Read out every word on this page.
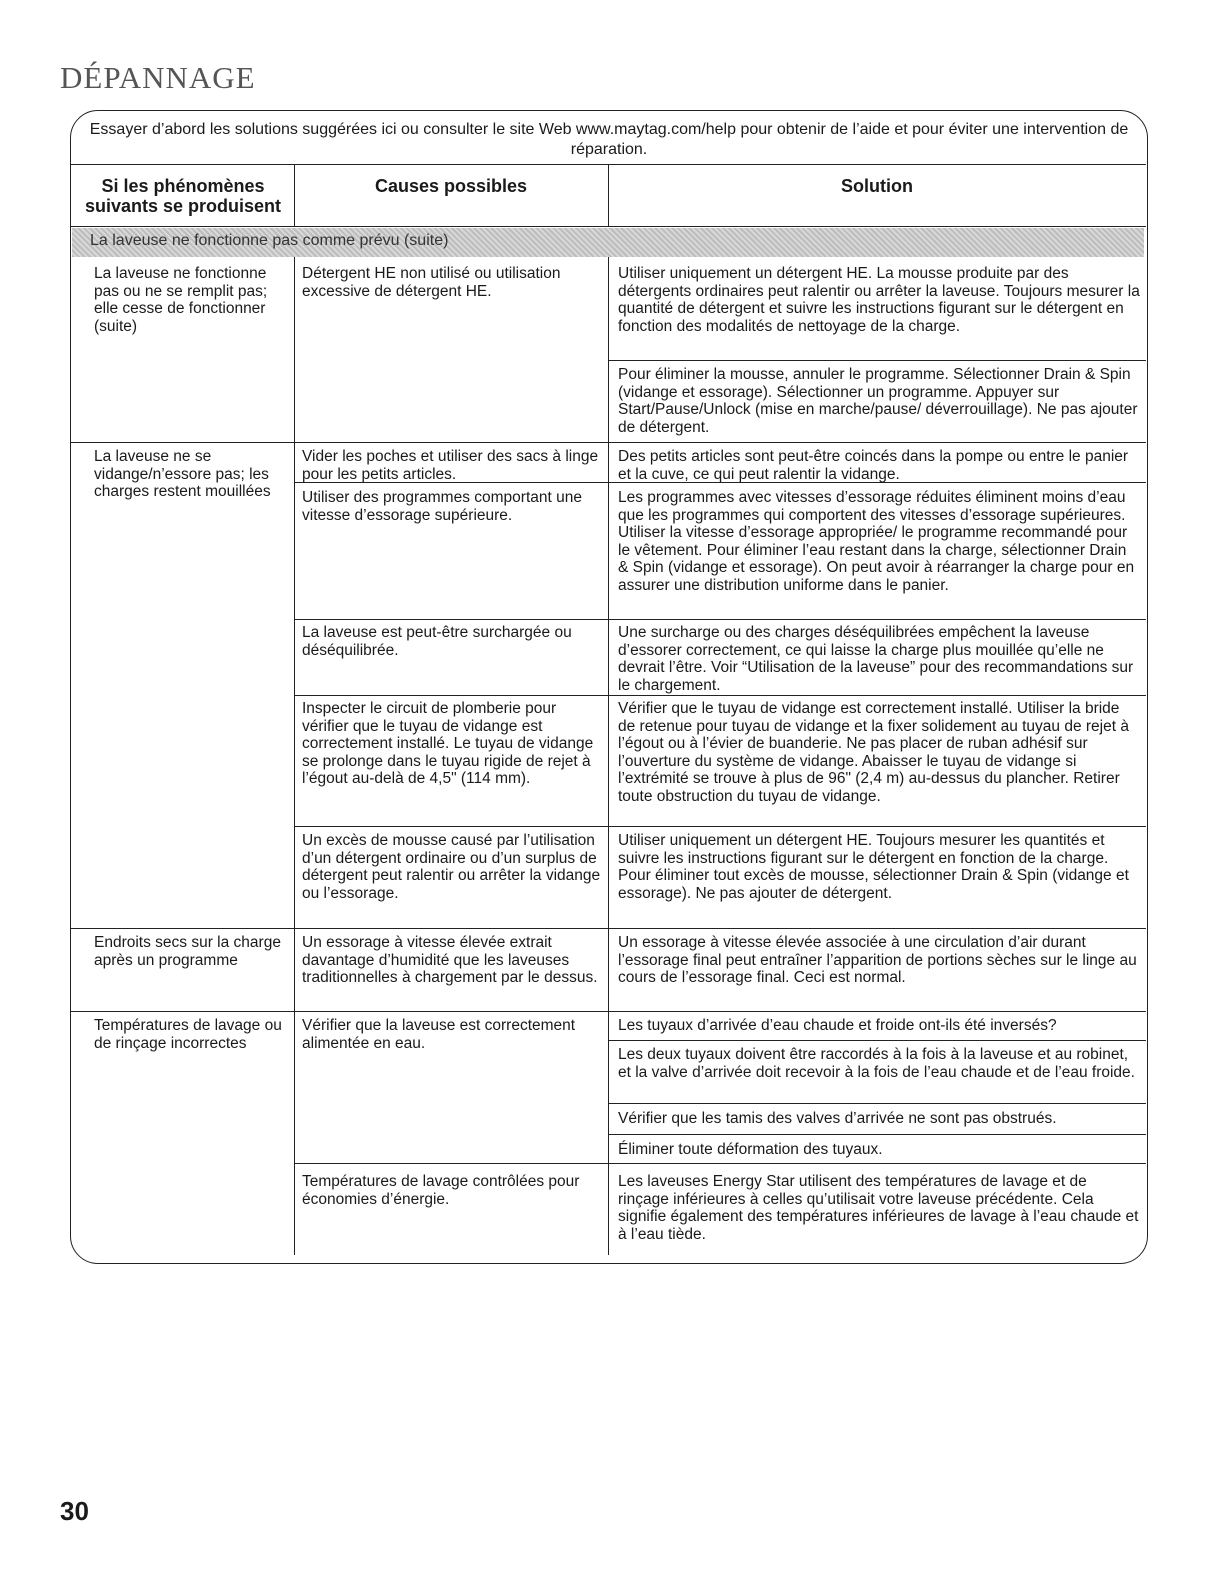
DÉPANNAGE
Essayer d’abord les solutions suggérées ici ou consulter le site Web www.maytag.com/help pour obtenir de l’aide et pour éviter une intervention de réparation.
Si les phénomènes suivants se produisent
Causes possibles	Solution
La laveuse ne fonctionne pas comme prévu (suite)
La laveuse ne fonctionne pas ou ne se remplit pas; elle cesse de fonctionner (suite)
La laveuse ne se vidange/n’essore pas; les charges restent mouillées
Endroits secs sur la charge après un programme
Températures de lavage ou de rinçage incorrectes
Détergent HE non utilisé ou utilisation excessive de détergent HE.
Vider les poches et utiliser des sacs à linge pour les petits articles.
Utiliser des programmes comportant une vitesse d’essorage supérieure.
La laveuse est peut-être surchargée ou déséquilibrée.
Inspecter le circuit de plomberie pour vérifier que le tuyau de vidange est correctement installé. Le tuyau de vidange se prolonge dans le tuyau rigide de rejet à l’égout au-delà de 4,5" (114 mm).
Un excès de mousse causé par l’utilisation d’un détergent ordinaire ou d’un surplus de détergent peut ralentir ou arrêter la vidange ou l’essorage.
Un essorage à vitesse élevée extrait davantage d’humidité que les laveuses traditionnelles à chargement par le dessus.
Vérifier que la laveuse est correctement alimentée en eau.
Températures de lavage contrôlées pour économies d’énergie.
Utiliser uniquement un détergent HE. La mousse produite par des détergents ordinaires peut ralentir ou arrêter la laveuse. Toujours mesurer la quantité de détergent et suivre les instructions figurant sur le détergent en fonction des modalités de nettoyage de la charge.
Pour éliminer la mousse, annuler le programme. Sélectionner Drain & Spin (vidange et essorage). Sélectionner un programme. Appuyer sur Start/Pause/Unlock (mise en marche/pause/ déverrouillage). Ne pas ajouter de détergent.
Des petits articles sont peut-être coincés dans la pompe ou entre le panier et la cuve, ce qui peut ralentir la vidange.
Les programmes avec vitesses d’essorage réduites éliminent moins d’eau que les programmes qui comportent des vitesses d’essorage supérieures. Utiliser la vitesse d’essorage appropriée/ le programme recommandé pour le vêtement. Pour éliminer l’eau restant dans la charge, sélectionner Drain & Spin (vidange et essorage). On peut avoir à réarranger la charge pour en assurer une distribution uniforme dans le panier.
Une surcharge ou des charges déséquilibrées empêchent la laveuse d’essorer correctement, ce qui laisse la charge plus mouillée qu’elle ne devrait l’être. Voir “Utilisation de la laveuse” pour des recommandations sur le chargement.
Vérifier que le tuyau de vidange est correctement installé. Utiliser la bride de retenue pour tuyau de vidange et la fixer solidement au tuyau de rejet à l’égout ou à l’évier de buanderie. Ne pas placer de ruban adhésif sur l’ouverture du système de vidange. Abaisser le tuyau de vidange si l’extrémité se trouve à plus de 96" (2,4 m) au-dessus du plancher. Retirer toute obstruction du tuyau de vidange.
Utiliser uniquement un détergent HE. Toujours mesurer les quantités et suivre les instructions figurant sur le détergent en fonction de la charge. Pour éliminer tout excès de mousse, sélectionner Drain & Spin (vidange et essorage). Ne pas ajouter de détergent.
Un essorage à vitesse élevée associée à une circulation d’air durant l’essorage final peut entraîner l’apparition de portions sèches sur le linge au cours de l’essorage final. Ceci est normal.
Les tuyaux d’arrivée d’eau chaude et froide ont-ils été inversés?
Les deux tuyaux doivent être raccordés à la fois à la laveuse et au robinet, et la valve d’arrivée doit recevoir à la fois de l’eau chaude et de l’eau froide.
Vérifier que les tamis des valves d’arrivée ne sont pas obstrués.
Éliminer toute déformation des tuyaux.
Les laveuses Energy Star utilisent des températures de lavage et de rinçage inférieures à celles qu’utilisait votre laveuse précédente. Cela signifie également des températures inférieures de lavage à l’eau chaude et à l’eau tiède.
30
